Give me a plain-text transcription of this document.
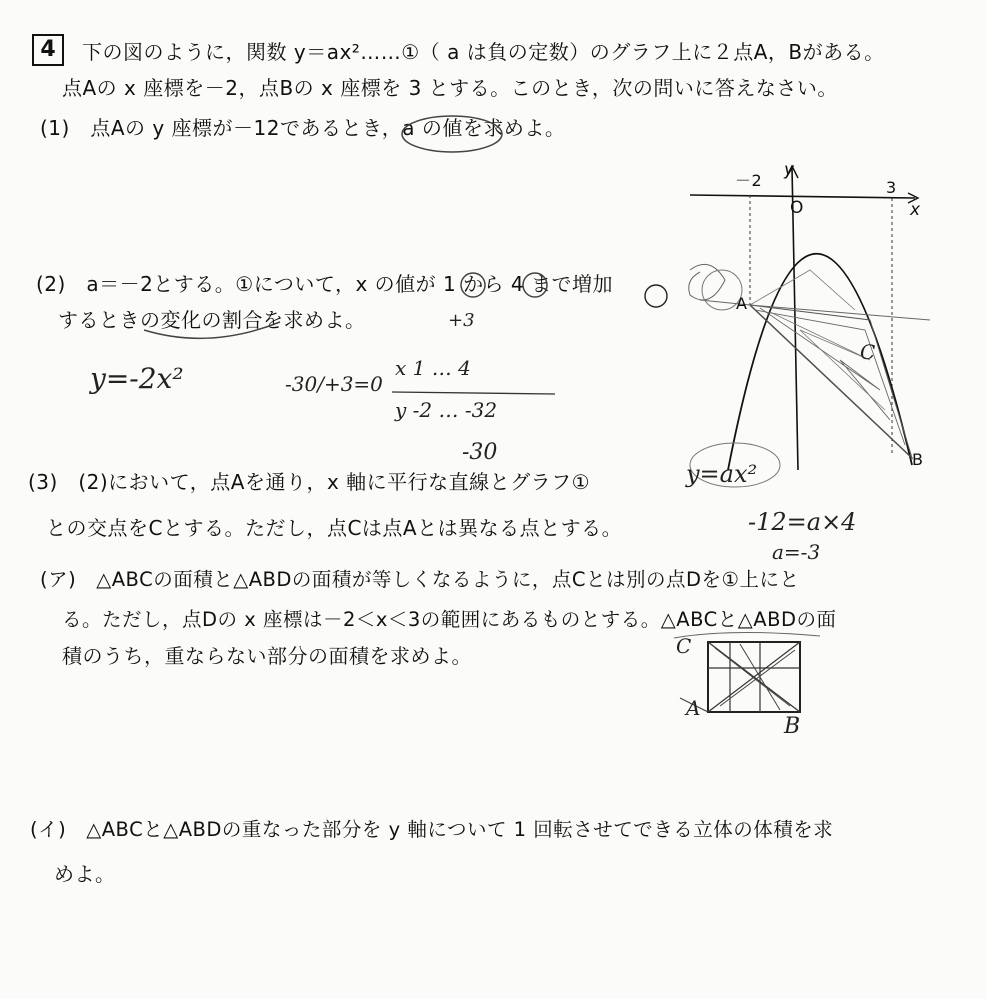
4	下の図のように，関数 y＝ax²……①（ a は負の定数）のグラフ上に２点A，Bがある。
点Aの x 座標を－2，点Bの x 座標を 3 とする。このとき，次の問いに答えなさい。
(1)　点Aの y 座標が－12であるとき，a の値を求めよ。
(2)　a＝－2とする。①について，x の値が 1 から 4 まで増加
するときの変化の割合を求めよ。
(3)　(2)において，点Aを通り，x 軸に平行な直線とグラフ①
との交点をCとする。ただし，点Cは点Aとは異なる点とする。
(ア)　△ABCの面積と△ABDの面積が等しくなるように，点Cとは別の点Dを①上にと
る。ただし，点Dの x 座標は－2＜x＜3の範囲にあるものとする。△ABCと△ABDの面
積のうち，重ならない部分の面積を求めよ。
(イ)　△ABCと△ABDの重なった部分を y 軸について 1 回転させてできる立体の体積を求
めよ。
－2	3
y
x
O
A
B
C
+3
y=-2x²	-30/+3=0
x 1 … 4
y -2 … -32
-30
y=ax²
-12=a×4
a=-3
A
B
C
